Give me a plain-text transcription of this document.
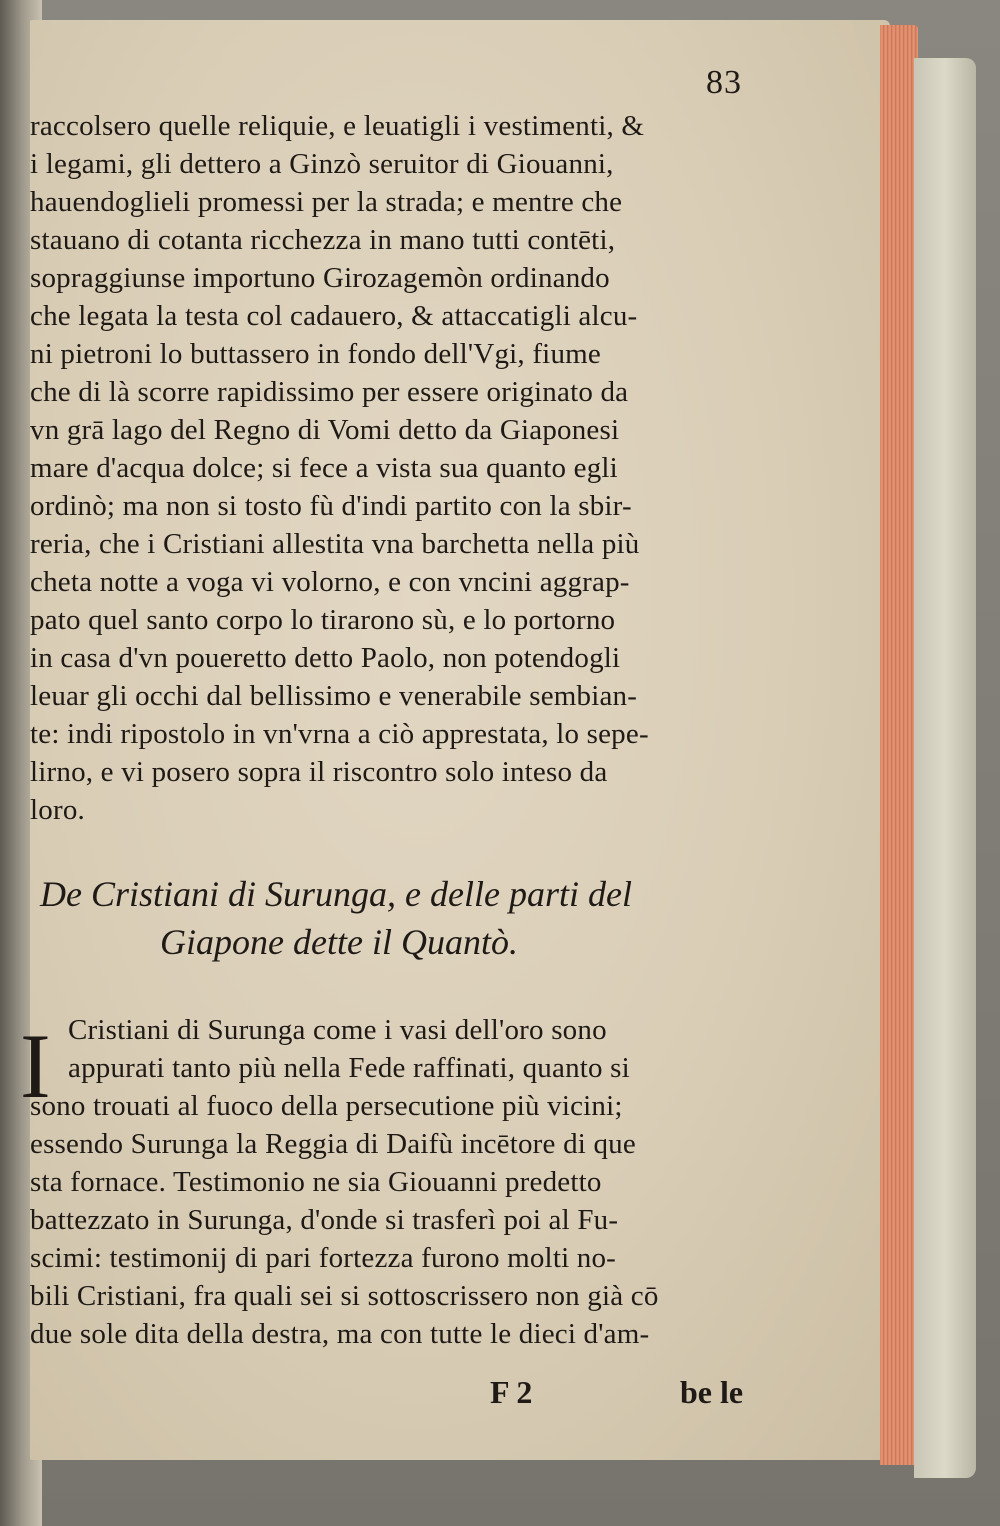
83
raccolsero quelle reliquie, e leuatigli i vestimenti, &
i legami, gli dettero a Ginzò seruitor di Giouanni,
hauendoglieli promessi per la strada; e mentre che
stauano di cotanta ricchezza in mano tutti contēti,
sopraggiunse importuno Girozagemòn ordinando
che legata la testa col cadauero, & attaccatigli alcu-
ni pietroni lo buttassero in fondo dell'Vgi, fiume
che di là scorre rapidissimo per essere originato da
vn grā lago del Regno di Vomi detto da Giaponesi
mare d'acqua dolce; si fece a vista sua quanto egli
ordinò; ma non si tosto fù d'indi partito con la sbir-
reria, che i Cristiani allestita vna barchetta nella più
cheta notte a voga vi volorno, e con vncini aggrap-
pato quel santo corpo lo tirarono sù, e lo portorno
in casa d'vn poueretto detto Paolo, non potendogli
leuar gli occhi dal bellissimo e venerabile sembian-
te: indi ripostolo in vn'vrna a ciò apprestata, lo sepe-
lirno, e vi posero sopra il riscontro solo inteso da
loro.
De Cristiani di Surunga, e delle parti del
Giapone dette il Quantò.
I Cristiani di Surunga come i vasi dell'oro sono
appurati tanto più nella Fede raffinati, quanto si
sono trouati al fuoco della persecutione più vicini;
essendo Surunga la Reggia di Daifù incētore di que
sta fornace. Testimonio ne sia Giouanni predetto
battezzato in Surunga, d'onde si trasferì poi al Fu-
scimi: testimonij di pari fortezza furono molti no-
bili Cristiani, fra quali sei si sottoscrissero non già cō
due sole dita della destra, ma con tutte le dieci d'am-
F 2	be le
